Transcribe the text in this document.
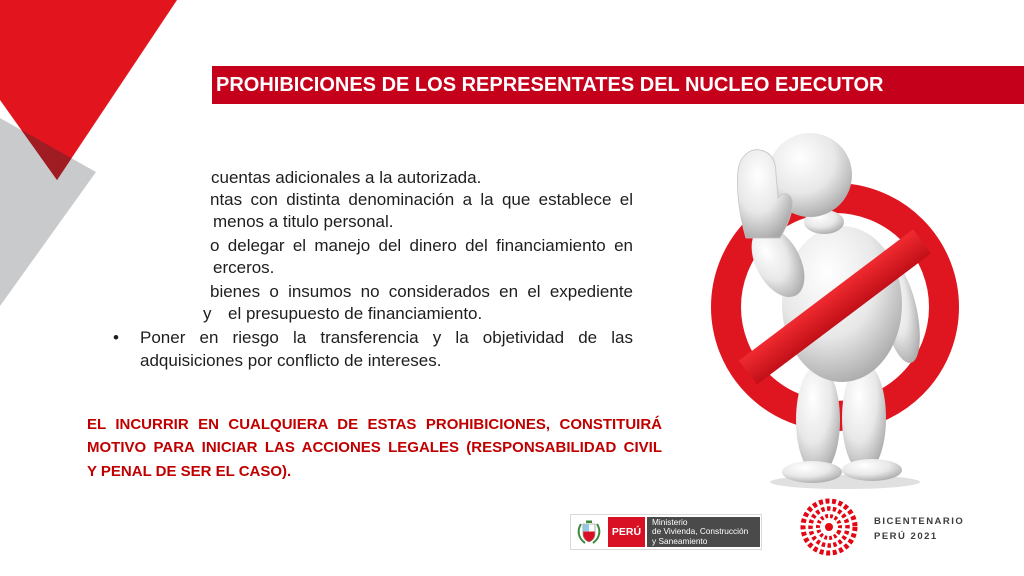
PROHIBICIONES DE LOS REPRESENTATES DEL NUCLEO EJECUTOR
cuentas adicionales a la autorizada.
ntas con distinta denominación a la que establece el
menos a titulo personal.
o delegar el manejo del dinero del financiamiento en
erceros.
bienes o insumos no considerados en el expediente
y el presupuesto de financiamiento.
• Poner en riesgo la transferencia y la objetividad de las
adquisiciones por conflicto de intereses.
EL INCURRIR EN CUALQUIERA DE ESTAS PROHIBICIONES, CONSTITUIRÁ
MOTIVO PARA INICIAR LAS ACCIONES LEGALES (RESPONSABILIDAD CIVIL
Y PENAL DE SER EL CASO).
PERÚ
Ministerio
de Vivienda, Construcción
y Saneamiento
BICENTENARIO
PERÚ 2021
